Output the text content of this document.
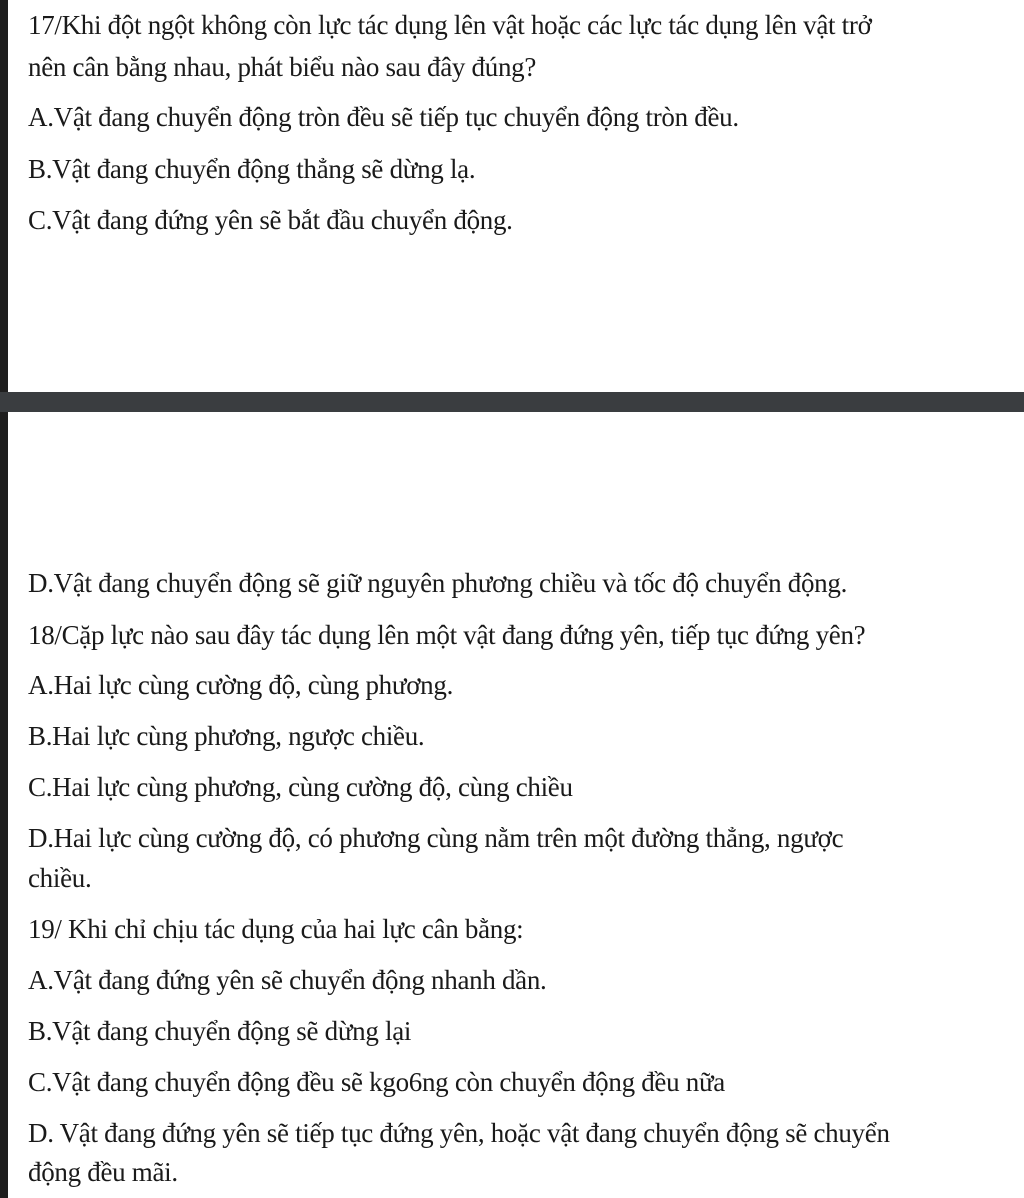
17/Khi đột ngột không còn lực tác dụng lên vật hoặc các lực tác dụng lên vật trở
nên cân bằng nhau, phát biểu nào sau đây đúng?
A.Vật đang chuyển động tròn đều sẽ tiếp tục chuyển động tròn đều.
B.Vật đang chuyển động thẳng sẽ dừng lạ.
C.Vật đang đứng yên sẽ bắt đầu chuyển động.
D.Vật đang chuyển động sẽ giữ nguyên phương chiều và tốc độ chuyển động.
18/Cặp lực nào sau đây tác dụng lên một vật đang đứng yên, tiếp tục đứng yên?
A.Hai lực cùng cường độ, cùng phương.
B.Hai lực cùng phương, ngược chiều.
C.Hai lực cùng phương, cùng cường độ, cùng chiều
D.Hai lực cùng cường độ, có phương cùng nằm trên một đường thẳng, ngược
chiều.
19/ Khi chỉ chịu tác dụng của hai lực cân bằng:
A.Vật đang đứng yên sẽ chuyển động nhanh dần.
B.Vật đang chuyển động sẽ dừng lại
C.Vật đang chuyển động đều sẽ kgo6ng còn chuyển động đều nữa
D. Vật đang đứng yên sẽ tiếp tục đứng yên, hoặc vật đang chuyển động sẽ chuyển
động đều mãi.
